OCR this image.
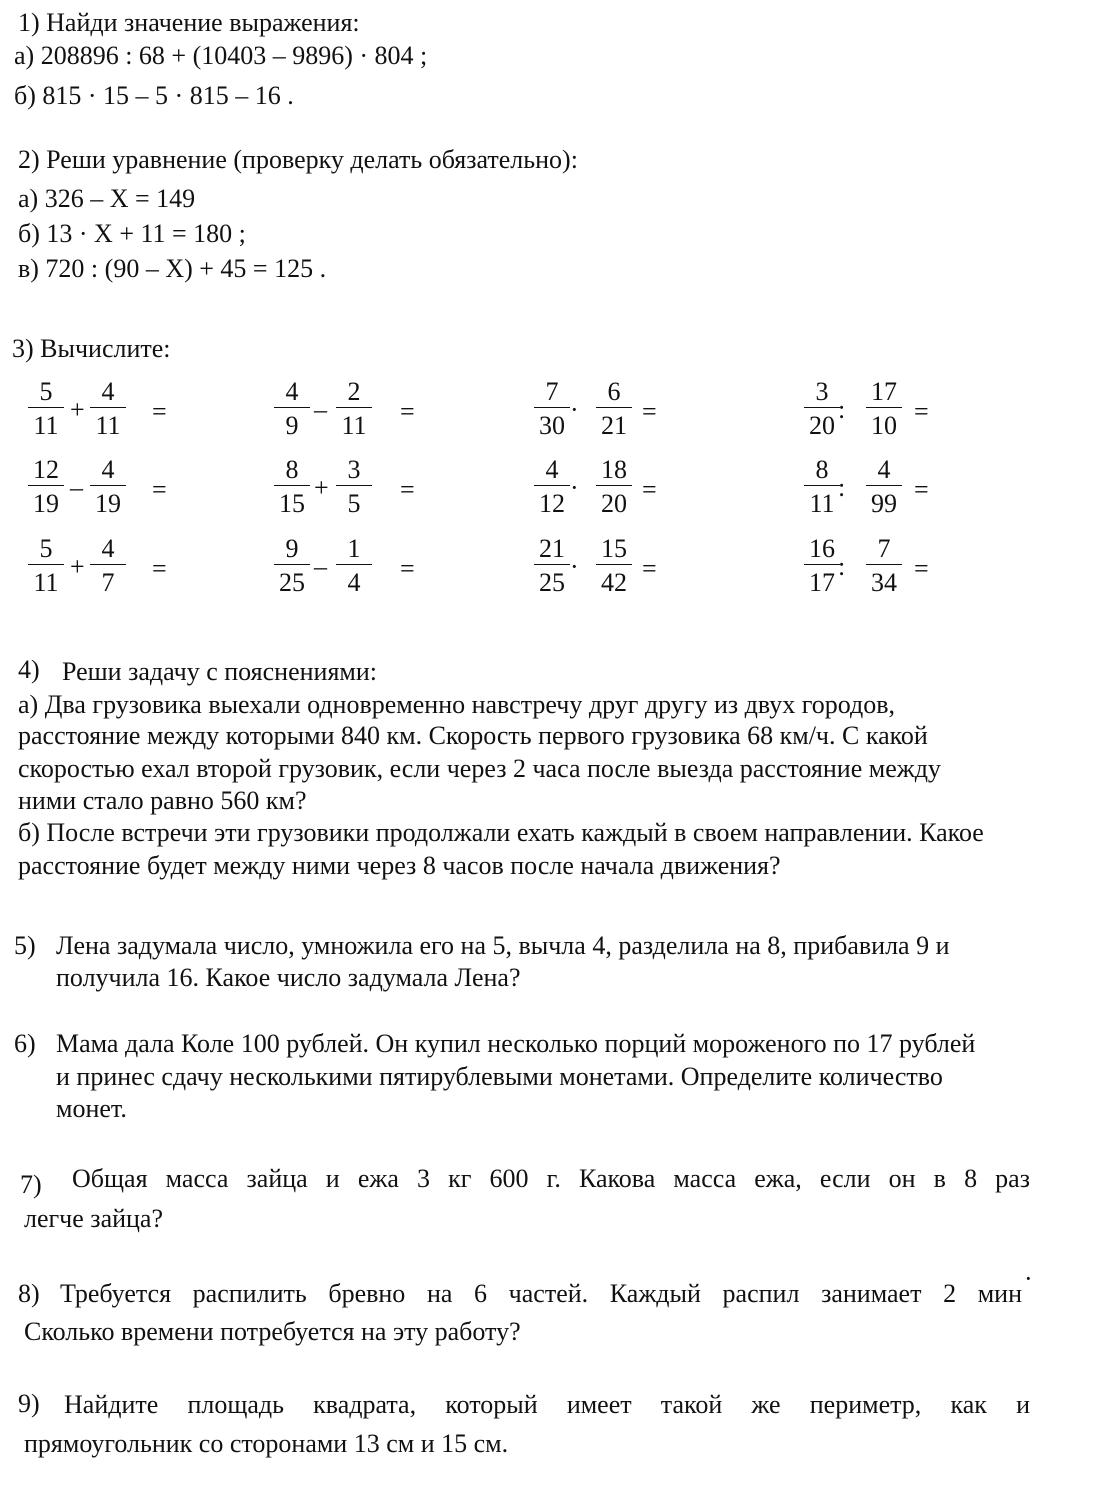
1) Найди значение выражения:
а) 208896 : 68 + (10403 – 9896) · 804 ;
б) 815 · 15 – 5 · 815 – 16 .
2) Реши уравнение (проверку делать обязательно):
а) 326 – X = 149
б) 13 · X + 11 = 180 ;
в) 720 : (90 – X) + 45 = 125 .
3) Вычислите:
5
11
+
4
11 =
12
19
–
4
19 =
5
11
+
4
7 =
4
9
–
2
11 =
8
15
+
3
5 =
9
25
–
1
4 =
7
30
·
6
21 =
4
12
·
18
20 =
21
25
·
15
42 =
3
20
:
17
10 =
8
11
:
4
99 =
16
17
:
7
34 =
4) Реши задачу с пояснениями:
а) Два грузовика выехали одновременно навстречу друг другу из двух городов,
расстояние между которыми 840 км. Скорость первого грузовика 68 км/ч. С какой
скоростью ехал второй грузовик, если через 2 часа после выезда расстояние между
ними стало равно 560 км?
б) После встречи эти грузовики продолжали ехать каждый в своем направлении. Какое
расстояние будет между ними через 8 часов после начала движения?
5) Лена задумала число, умножила его на 5, вычла 4, разделила на 8, прибавила 9 и
получила 16. Какое число задумала Лена?
6) Мама дала Коле 100 рублей. Он купил несколько порций мороженого по 17 рублей
и принес сдачу несколькими пятирублевыми монетами. Определите количество
монет.
7) Общая масса зайца и ежа 3 кг 600 г. Какова масса ежа, если он в 8 раз
легче зайца?
8) Требуется распилить бревно на 6 частей. Каждый распил занимает 2 мин
·
Сколько времени потребуется на эту работу?
9) Найдите площадь квадрата, который имеет такой же периметр, как и
прямоугольник со сторонами 13 см и 15 см.
